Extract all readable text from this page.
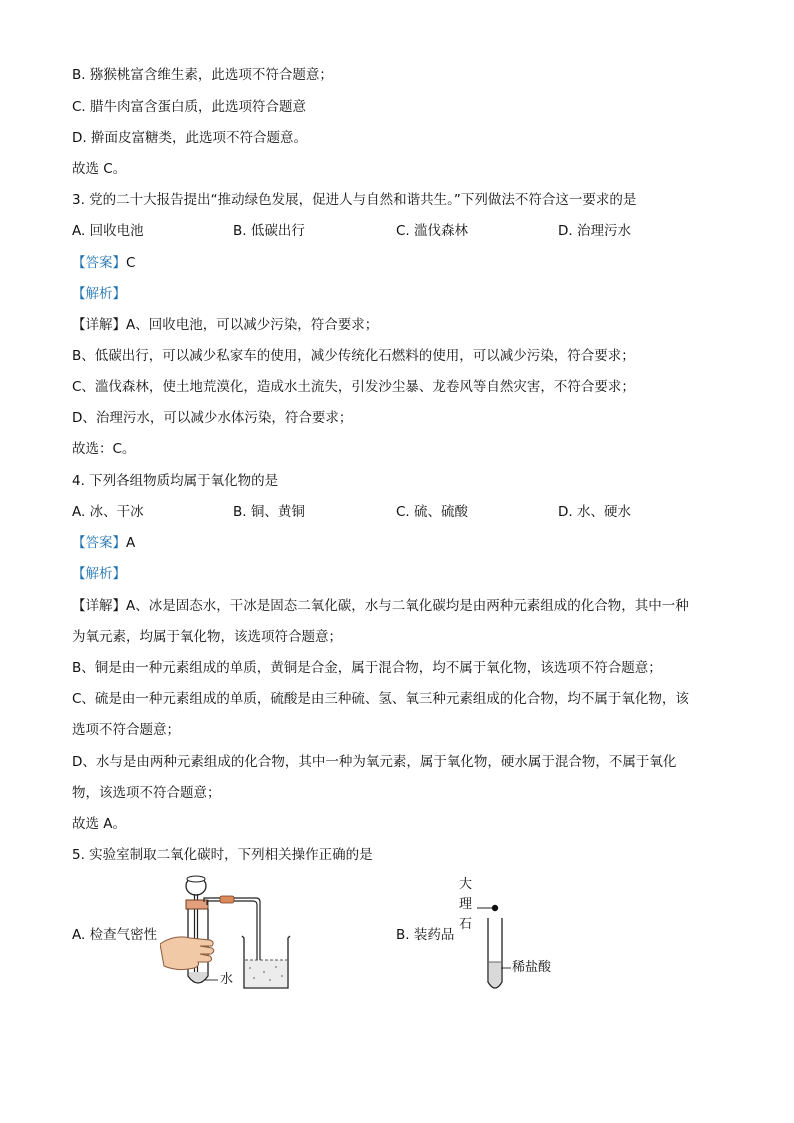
B. 猕猴桃富含维生素，此选项不符合题意；
C. 腊牛肉富含蛋白质，此选项符合题意
D. 擀面皮富糖类，此选项不符合题意。
故选 C。
3. 党的二十大报告提出“推动绿色发展，促进人与自然和谐共生。”下列做法不符合这一要求的是
A. 回收电池	B. 低碳出行	C. 滥伐森林	D. 治理污水
【答案】C
【解析】
【详解】A、回收电池，可以减少污染，符合要求；
B、低碳出行，可以减少私家车的使用，减少传统化石燃料的使用，可以减少污染，符合要求；
C、滥伐森林，使土地荒漠化，造成水土流失，引发沙尘暴、龙卷风等自然灾害，不符合要求；
D、治理污水，可以减少水体污染，符合要求；
故选：C。
4. 下列各组物质均属于氧化物的是
A. 冰、干冰	B. 铜、黄铜	C. 硫、硫酸	D. 水、硬水
【答案】A
【解析】
【详解】A、冰是固态水，干冰是固态二氧化碳，水与二氧化碳均是由两种元素组成的化合物，其中一种
为氧元素，均属于氧化物，该选项符合题意；
B、铜是由一种元素组成的单质，黄铜是合金，属于混合物，均不属于氧化物，该选项不符合题意；
C、硫是由一种元素组成的单质，硫酸是由三种硫、氢、氧三种元素组成的化合物，均不属于氧化物，该
选项不符合题意；
D、水与是由两种元素组成的化合物，其中一种为氧元素，属于氧化物，硬水属于混合物，不属于氧化
物，该选项不符合题意；
故选 A。
5. 实验室制取二氧化碳时，下列相关操作正确的是
A. 检查气密性	B. 装药品
水
大
理
石
稀盐酸
